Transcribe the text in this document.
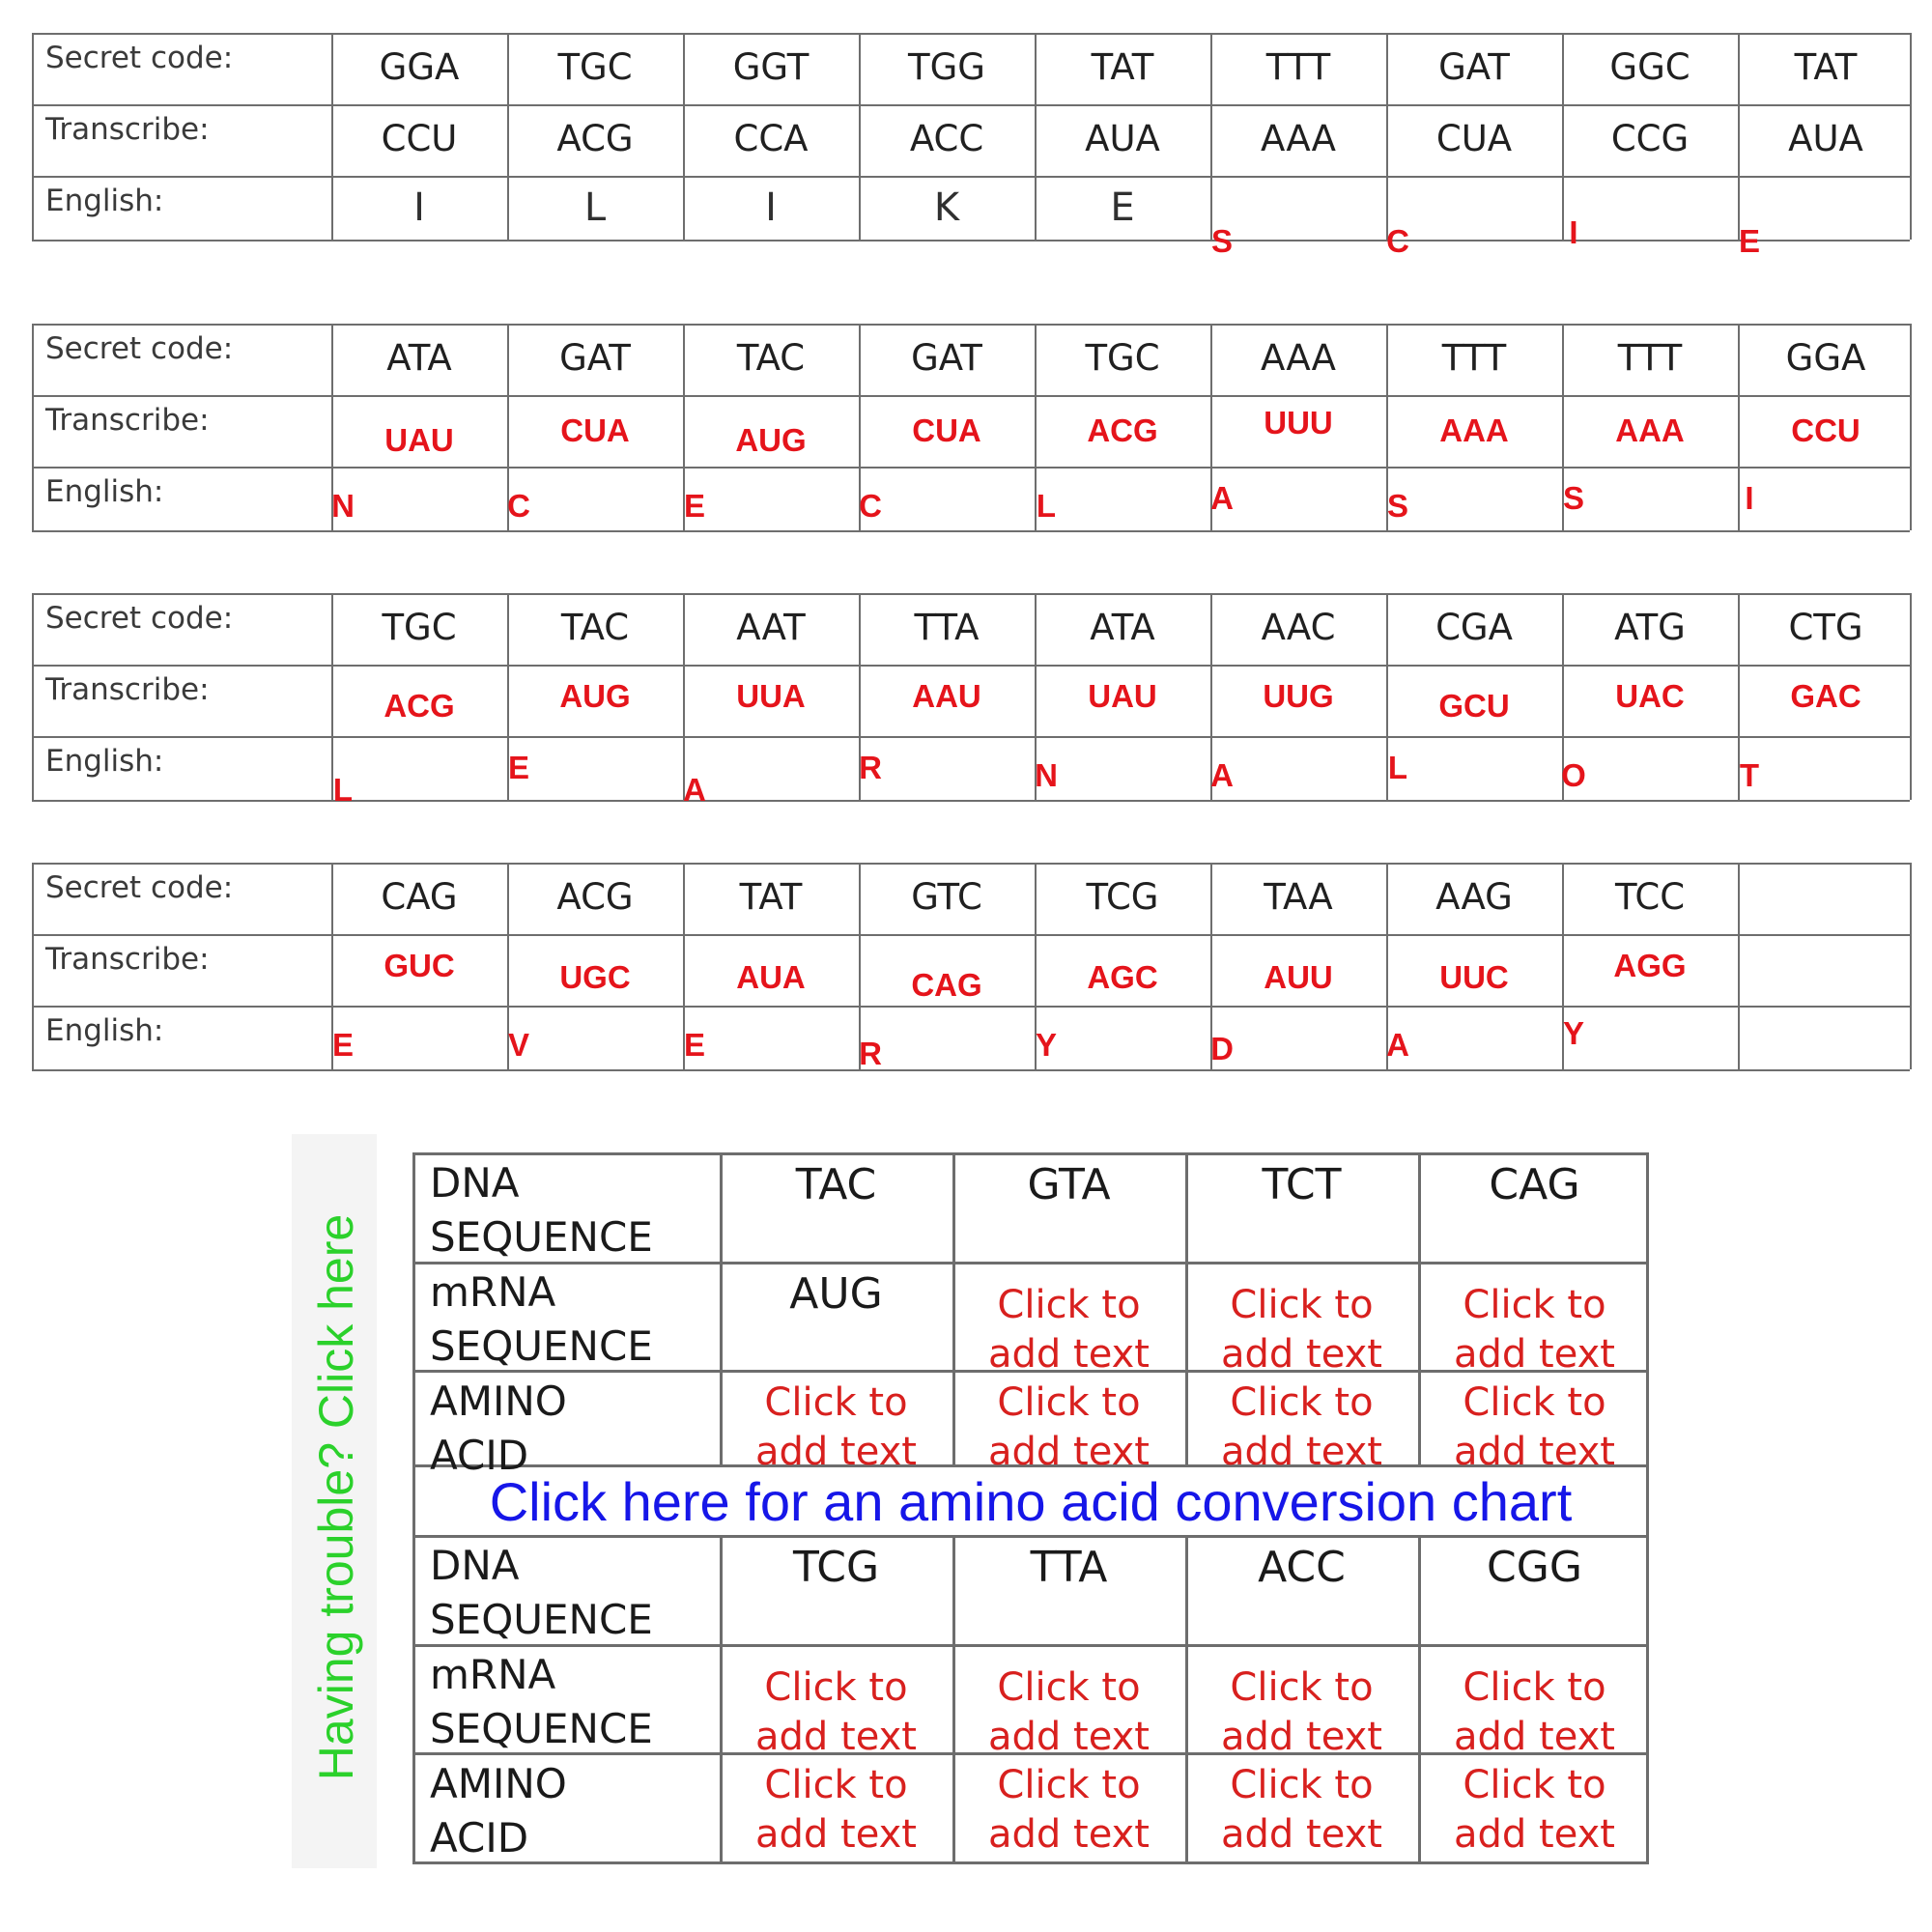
Secret code:
Transcribe:
English:
GGA
CCU
I
TGC
ACG
L
GGT
CCA
I
TGG
ACC
K
TAT
AUA
E
TTT
AAA
S
GAT
CUA
C
GGC
CCG
I
TAT
AUA
E
Secret code:
Transcribe:
English:
ATA
UAU
N
GAT
CUA
C
TAC
AUG
E
GAT
CUA
C
TGC
ACG
L
AAA
UUU
A
TTT
AAA
S
TTT
AAA
S
GGA
CCU
I
Secret code:
Transcribe:
English:
TGC
ACG
L
TAC
AUG
E
AAT
UUA
A
TTA
AAU
R
ATA
UAU
N
AAC
UUG
A
CGA
GCU
L
ATG
UAC
O
CTG
GAC
T
Secret code:
Transcribe:
English:
CAG
GUC
E
ACG
UGC
V
TAT
AUA
E
GTC
CAG
R
TCG
AGC
Y
TAA
AUU
D
AAG
UUC
A
TCC
AGG
Y
Having trouble? Click here	Click here for an amino acid conversion chart
DNA
SEQUENCE
mRNA
SEQUENCE
AMINO
ACID
TAC
AUG
Click to
add text
GTA
Click to
add text
Click to
add text
TCT
Click to
add text
Click to
add text
CAG
Click to
add text
Click to
add text
DNA
SEQUENCE
mRNA
SEQUENCE
AMINO
ACID
TCG
Click to
add text
Click to
add text
TTA
Click to
add text
Click to
add text
ACC
Click to
add text
Click to
add text
CGG
Click to
add text
Click to
add text
